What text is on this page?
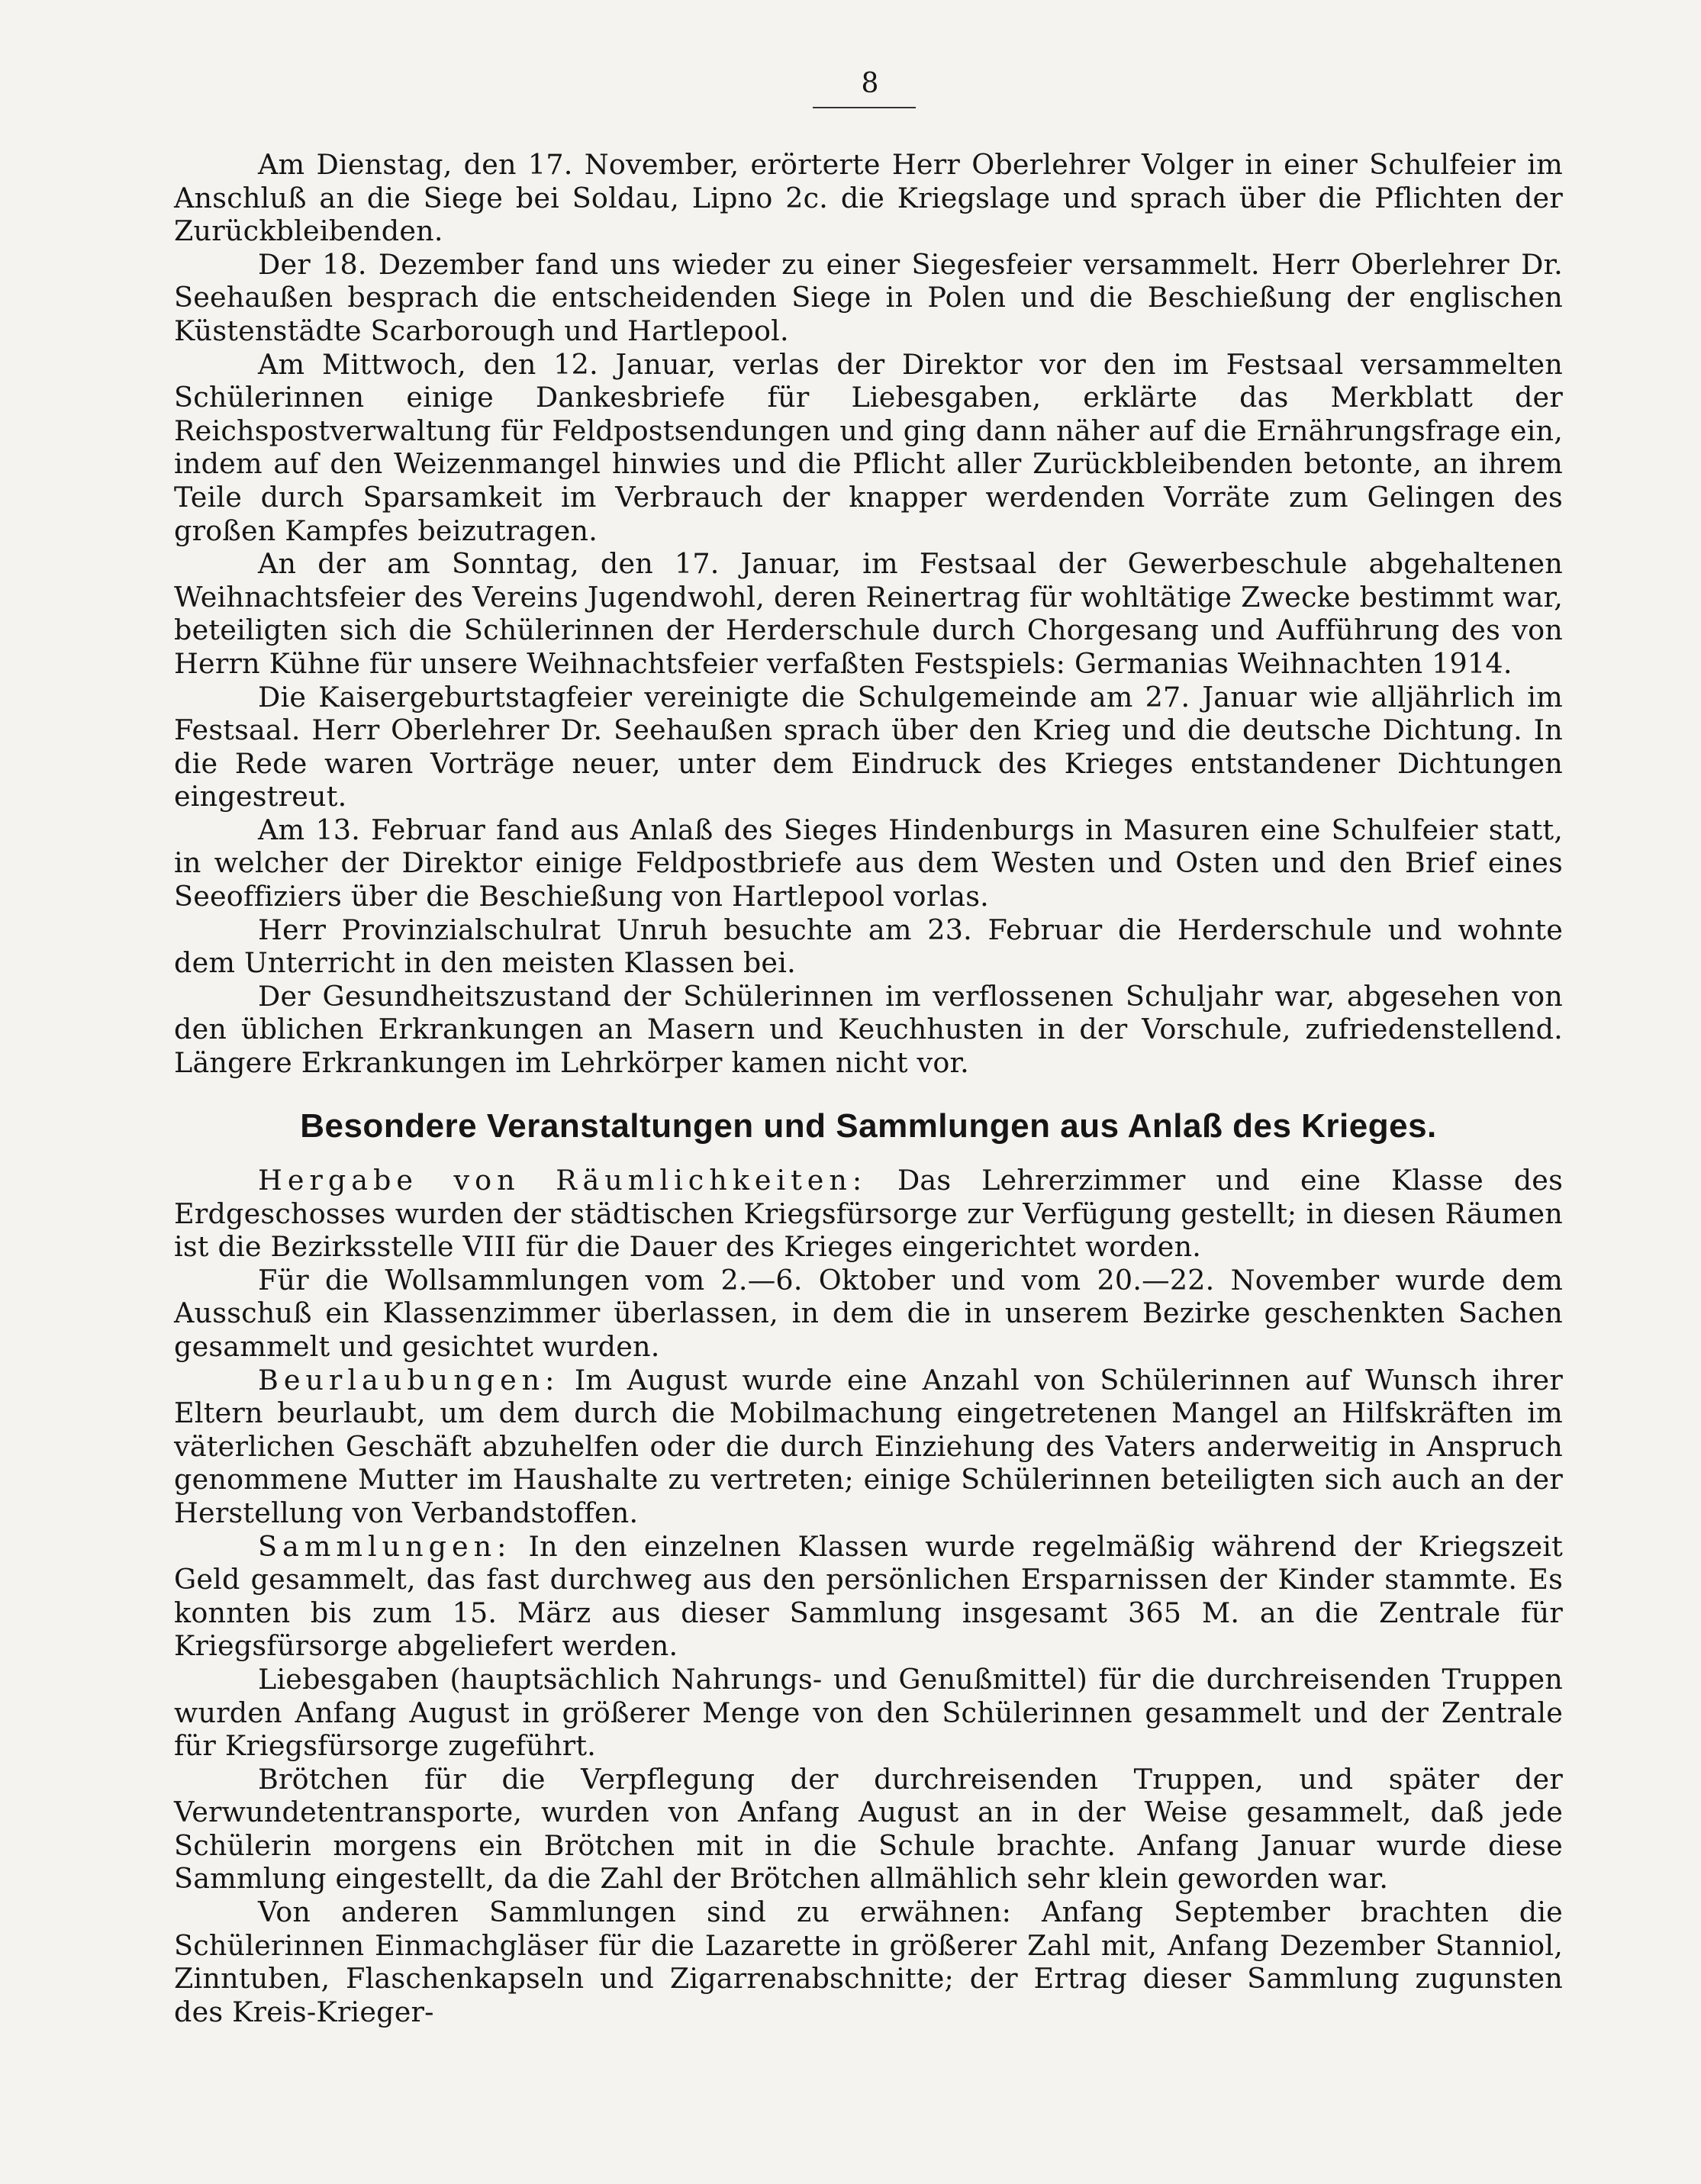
8

Am Dienstag, den 17. November, erörterte Herr Oberlehrer Volger in einer Schulfeier im Anschluß an die Siege bei Soldau, Lipno 2c. die Kriegslage und sprach über die Pflichten der Zurückbleibenden.

Der 18. Dezember fand uns wieder zu einer Siegesfeier versammelt. Herr Oberlehrer Dr. Seehaußen besprach die entscheidenden Siege in Polen und die Beschießung der englischen Küstenstädte Scarborough und Hartlepool.

Am Mittwoch, den 12. Januar, verlas der Direktor vor den im Festsaal versammelten Schülerinnen einige Dankesbriefe für Liebesgaben, erklärte das Merkblatt der Reichspostverwaltung für Feldpostsendungen und ging dann näher auf die Ernährungsfrage ein, indem auf den Weizenmangel hinwies und die Pflicht aller Zurückbleibenden betonte, an ihrem Teile durch Sparsamkeit im Verbrauch der knapper werdenden Vorräte zum Gelingen des großen Kampfes beizutragen.

An der am Sonntag, den 17. Januar, im Festsaal der Gewerbeschule abgehaltenen Weihnachtsfeier des Vereins Jugendwohl, deren Reinertrag für wohltätige Zwecke bestimmt war, beteiligten sich die Schülerinnen der Herderschule durch Chorgesang und Aufführung des von Herrn Kühne für unsere Weihnachtsfeier verfaßten Festspiels: Germanias Weihnachten 1914.

Die Kaisergeburtstagfeier vereinigte die Schulgemeinde am 27. Januar wie alljährlich im Festsaal. Herr Oberlehrer Dr. Seehaußen sprach über den Krieg und die deutsche Dichtung. In die Rede waren Vorträge neuer, unter dem Eindruck des Krieges entstandener Dichtungen eingestreut.

Am 13. Februar fand aus Anlaß des Sieges Hindenburgs in Masuren eine Schulfeier statt, in welcher der Direktor einige Feldpostbriefe aus dem Westen und Osten und den Brief eines Seeoffiziers über die Beschießung von Hartlepool vorlas.

Herr Provinzialschulrat Unruh besuchte am 23. Februar die Herderschule und wohnte dem Unterricht in den meisten Klassen bei.

Der Gesundheitszustand der Schülerinnen im verflossenen Schuljahr war, abgesehen von den üblichen Erkrankungen an Masern und Keuchhusten in der Vorschule, zufriedenstellend. Längere Erkrankungen im Lehrkörper kamen nicht vor.

Besondere Veranstaltungen und Sammlungen aus Anlaß des Krieges.

Hergabe von Räumlichkeiten: Das Lehrerzimmer und eine Klasse des Erdgeschosses wurden der städtischen Kriegsfürsorge zur Verfügung gestellt; in diesen Räumen ist die Bezirksstelle VIII für die Dauer des Krieges eingerichtet worden.

Für die Wollsammlungen vom 2.—6. Oktober und vom 20.—22. November wurde dem Ausschuß ein Klassenzimmer überlassen, in dem die in unserem Bezirke geschenkten Sachen gesammelt und gesichtet wurden.

Beurlaubungen: Im August wurde eine Anzahl von Schülerinnen auf Wunsch ihrer Eltern beurlaubt, um dem durch die Mobilmachung eingetretenen Mangel an Hilfskräften im väterlichen Geschäft abzuhelfen oder die durch Einziehung des Vaters anderweitig in Anspruch genommene Mutter im Haushalte zu vertreten; einige Schülerinnen beteiligten sich auch an der Herstellung von Verbandstoffen.

Sammlungen: In den einzelnen Klassen wurde regelmäßig während der Kriegszeit Geld gesammelt, das fast durchweg aus den persönlichen Ersparnissen der Kinder stammte. Es konnten bis zum 15. März aus dieser Sammlung insgesamt 365 M. an die Zentrale für Kriegsfürsorge abgeliefert werden.

Liebesgaben (hauptsächlich Nahrungs- und Genußmittel) für die durchreisenden Truppen wurden Anfang August in größerer Menge von den Schülerinnen gesammelt und der Zentrale für Kriegsfürsorge zugeführt.

Brötchen für die Verpflegung der durchreisenden Truppen, und später der Verwundetentransporte, wurden von Anfang August an in der Weise gesammelt, daß jede Schülerin morgens ein Brötchen mit in die Schule brachte. Anfang Januar wurde diese Sammlung eingestellt, da die Zahl der Brötchen allmählich sehr klein geworden war.

Von anderen Sammlungen sind zu erwähnen: Anfang September brachten die Schülerinnen Einmachgläser für die Lazarette in größerer Zahl mit, Anfang Dezember Stanniol, Zinntuben, Flaschenkapseln und Zigarrenabschnitte; der Ertrag dieser Sammlung zugunsten des Kreis-Krieger-
